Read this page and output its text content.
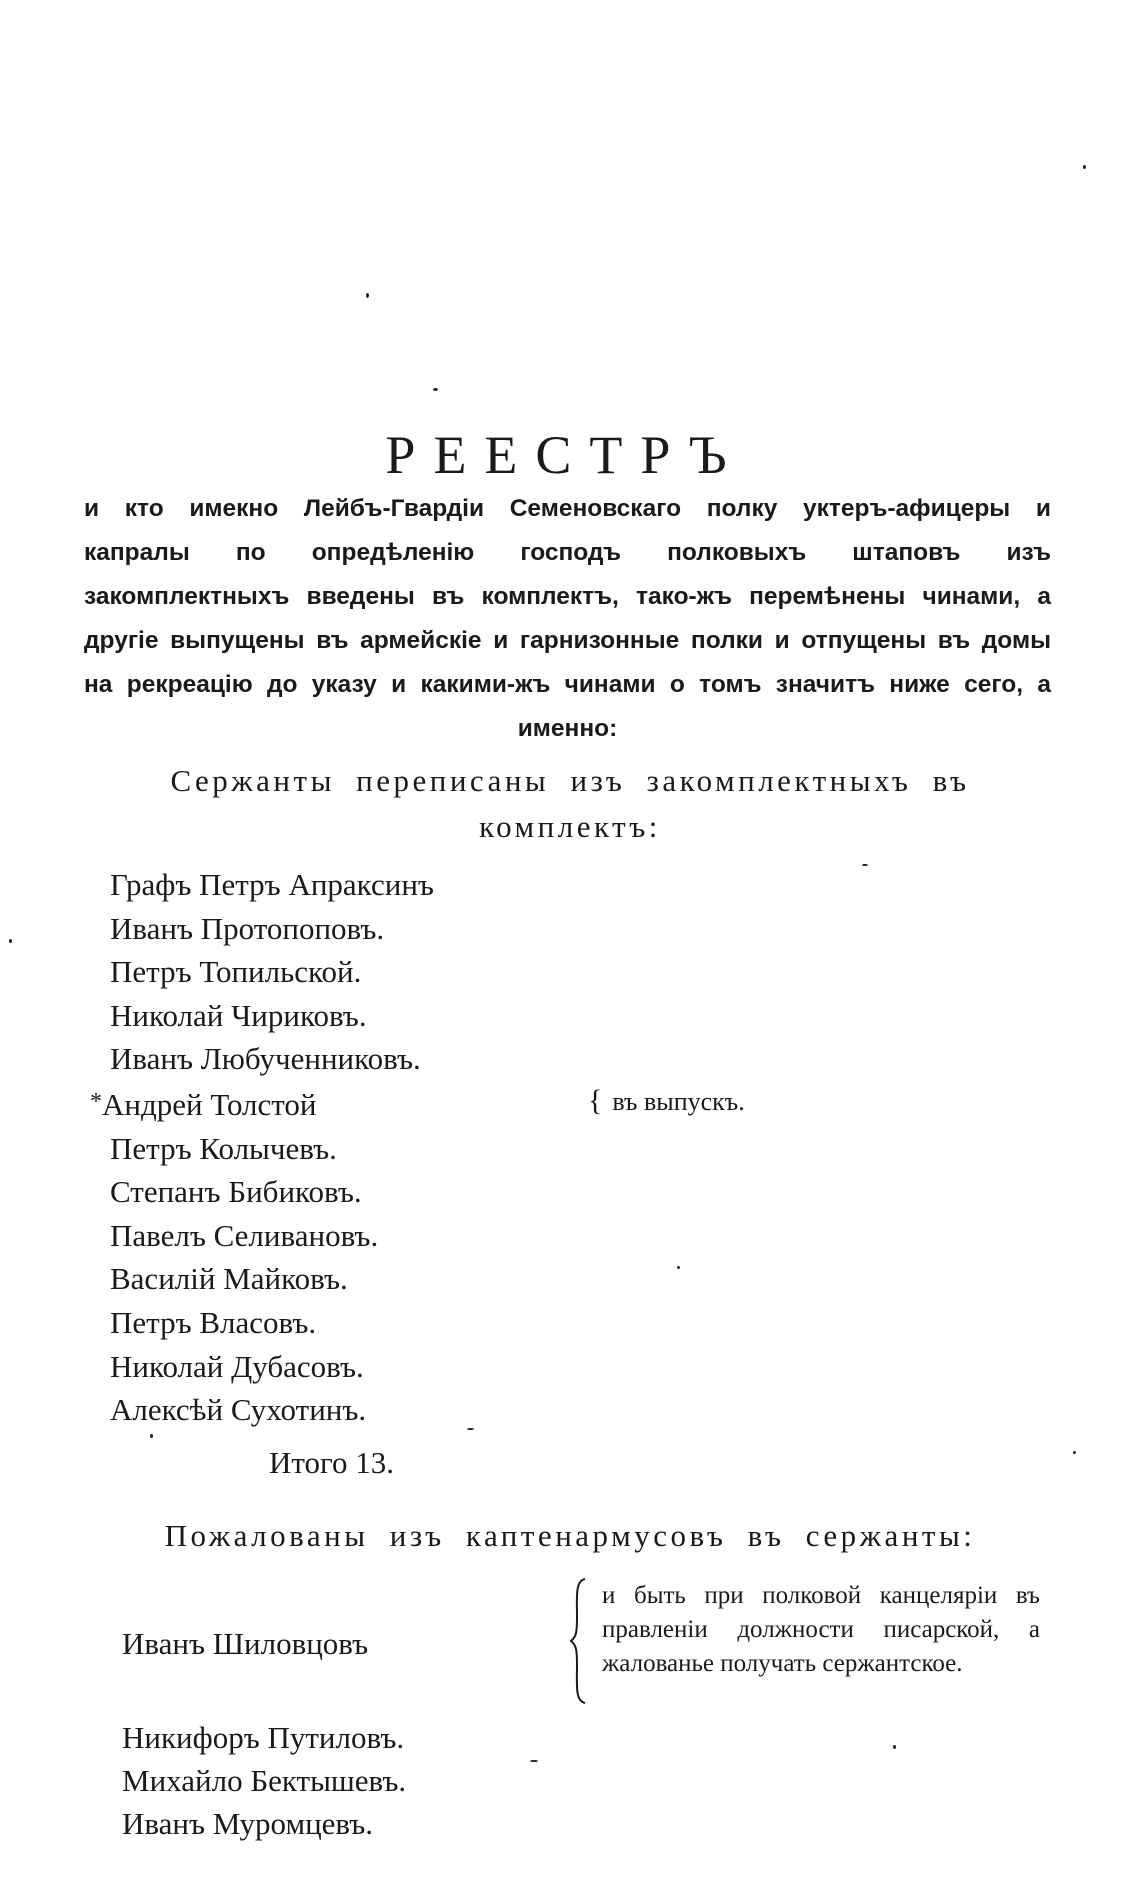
РЕЕСТРЪ

и кто имекно Лейбъ-Гвардіи Семеновскаго полку уктеръ-афицеры и капралы по опредѣленію господъ полковыхъ штаповъ изъ закомплектныхъ введены въ комплектъ, тако-жъ перемѣнены чинами, а другіе выпущены въ армейскіе и гарнизонные полки и отпущены въ домы на рекреацію до указу и какими-жъ чинами о томъ значитъ ниже сего, а именно:

Сержанты переписаны изъ закомплектныхъ въ комплектъ:
Графъ Петръ Апраксинъ
Иванъ Протопоповъ.
Петръ Топильской.
Николай Чириковъ.
Иванъ Любученниковъ.
*Андрей Толстой
Петръ Колычевъ.
Степанъ Бибиковъ.
Павелъ Селивановъ.
Василій Майковъ.
Петръ Власовъ.
Николай Дубасовъ.
Алексѣй Сухотинъ.
{ въ выпускъ.
Итого 13.
Пожалованы изъ каптенармусовъ въ сержанты:
Иванъ Шиловцовъ

и быть при полковой канцеляріи въ правленіи должности писарской, а жалованье получать сержантское.

Никифоръ Путиловъ.
Михайло Бектышевъ.
Иванъ Муромцевъ.
